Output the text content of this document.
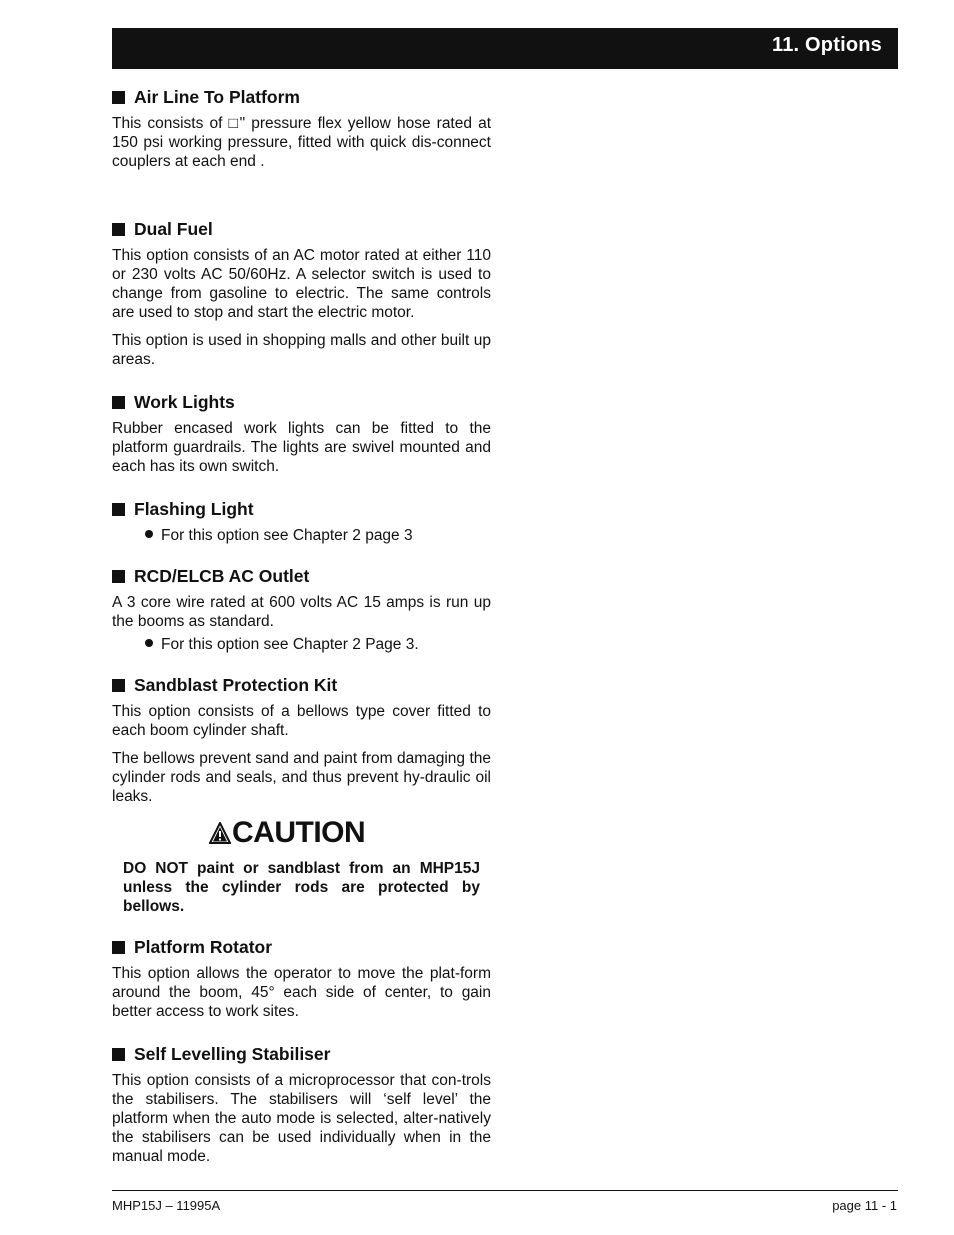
11. Options
Air Line To Platform

This consists of □" pressure flex yellow hose rated at 150 psi working pressure, fitted with quick dis-connect couplers at each end .

Dual Fuel

This option consists of an AC motor rated at either 110 or 230 volts AC 50/60Hz. A selector switch is used to change from gasoline to electric. The same controls are used to stop and start the electric motor.

This option is used in shopping malls and other built up areas.

Work Lights

Rubber encased work lights can be fitted to the platform guardrails. The lights are swivel mounted and each has its own switch.

Flashing Light
For this option see Chapter 2 page 3
RCD/ELCB AC Outlet

A 3 core wire rated at 600 volts AC 15 amps is run up the booms as standard.

For this option see Chapter 2 Page 3.
Sandblast Protection Kit

This option consists of a bellows type cover fitted to each boom cylinder shaft.

The bellows prevent sand and paint from damaging the cylinder rods and seals, and thus prevent hy-draulic oil leaks.

CAUTION

DO NOT paint or sandblast from an MHP15J unless the cylinder rods are protected by bellows.

Platform Rotator

This option allows the operator to move the plat-form around the boom, 45° each side of center, to gain better access to work sites.

Self Levelling Stabiliser

This option consists of a microprocessor that con-trols the stabilisers. The stabilisers will ‘self level’ the platform when the auto mode is selected, alter-natively the stabilisers can be used individually when in the manual mode.

MHP15J – 11995A	page 11 - 1
